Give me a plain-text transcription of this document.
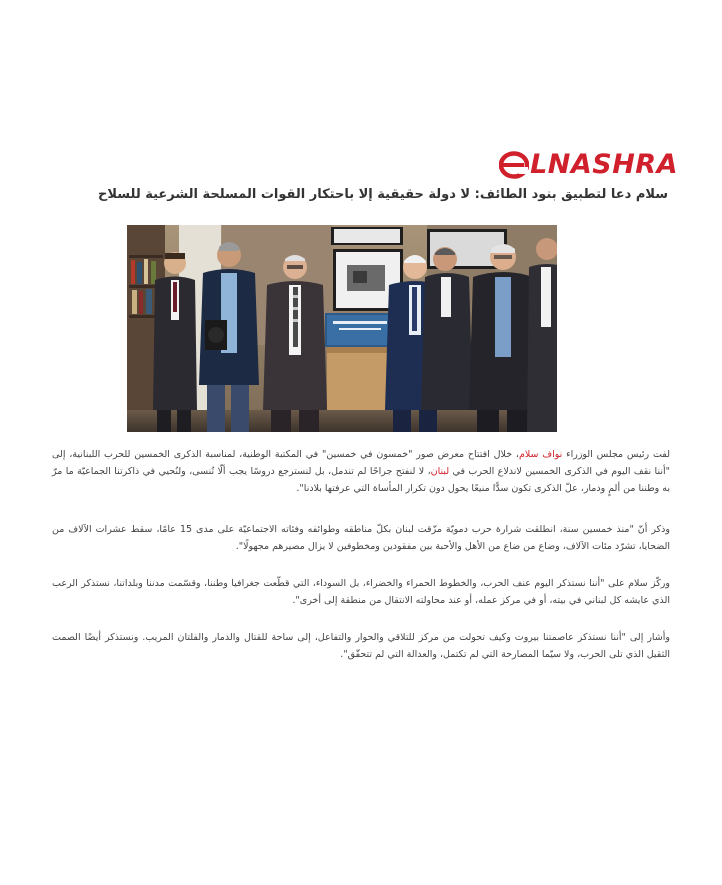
LNASHRA
سلام دعا لتطبيق بنود الطائف: لا دولة حقيقية إلا باحتكار القوات المسلحة الشرعية للسلاح

لفت رئيس مجلس الوزراء نواف سلام، خلال افتتاح معرض صور "خمسون في خمسين" في المكتبة الوطنية، لمناسبة الذكرى الخمسين للحرب اللبنانية، إلى "أننا نقف اليوم في الذكرى الخمسين لاندلاع الحرب في لبنان، لا لنفتح جراحًا لم تندمل، بل لنسترجع دروسًا يجب ألّا تُنسى، ولنُحيي في ذاكرتنا الجماعيّة ما مرّ به وطننا من ألمٍ ودمار، علّ الذكرى تكون سدًّا منيعًا يحول دون تكرار المأساة التي عرفتها بلادنا".

وذكر أنّ "منذ خمسين سنة، انطلقت شرارة حرب دمويّة مزّقت لبنان بكلّ مناطقه وطوائفه وفئاته الاجتماعيّة على مدى 15 عامًا، سقط عشرات الآلاف من الضحايا، تشرّد مئات الآلاف، وضاع من ضاع من الأهل والأحبة بين مفقودين ومخطوفين لا يزال مصيرهم مجهولًا".

وركّز سلام على "أننا نستذكر اليوم عنف الحرب، والخطوط الحمراء والخضراء، بل السوداء، التي قطّعت جغرافيا وطننا، وقسّمت مدننا وبلداتنا، نستذكر الرعب الذي عايشه كل لبناني في بيته، أو في مركز عمله، أو عند محاولته الانتقال من منطقة إلى أخرى".

وأشار إلى "أننا نستذكر عاصمتنا بيروت وكيف تحولت من مركز للتلاقي والحوار والتفاعل، إلى ساحة للقتال والدمار والفلتان المريب. ونستذكر أيضًا الصمت الثقيل الذي تلى الحرب، ولا سيّما المصارحة التي لم تكتمل، والعدالة التي لم تتحقّق".
